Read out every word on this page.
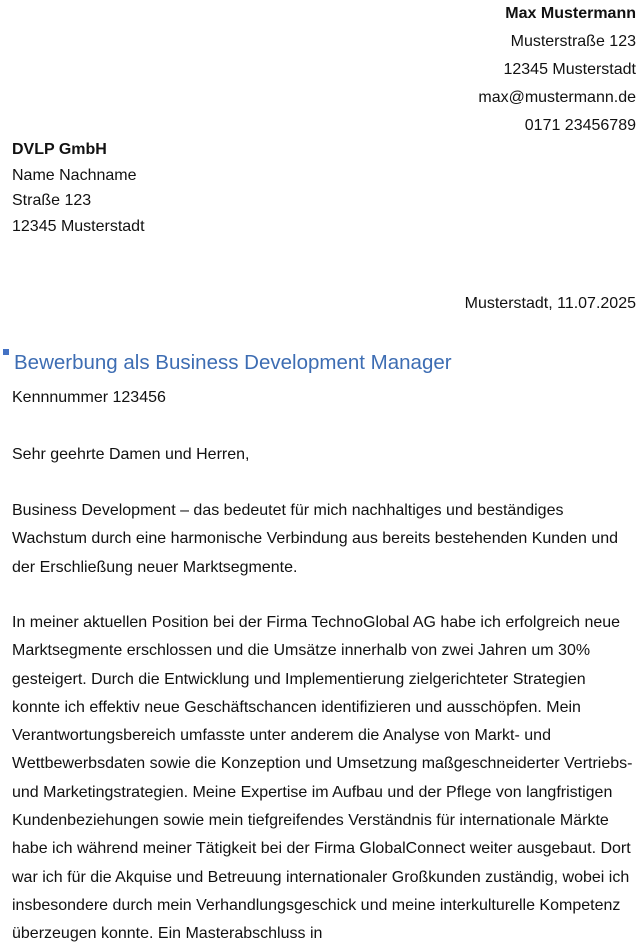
Max Mustermann
Musterstraße 123
12345 Musterstadt
max@mustermann.de
0171 23456789
DVLP GmbH
Name Nachname
Straße 123
12345 Musterstadt
Musterstadt, 11.07.2025
Bewerbung als Business Development Manager
Kennnummer 123456
Sehr geehrte Damen und Herren,

Business Development – das bedeutet für mich nachhaltiges und beständiges Wachstum durch eine harmonische Verbindung aus bereits bestehenden Kunden und der Erschließung neuer Marktsegmente.

In meiner aktuellen Position bei der Firma TechnoGlobal AG habe ich erfolgreich neue Marktsegmente erschlossen und die Umsätze innerhalb von zwei Jahren um 30% gesteigert. Durch die Entwicklung und Implementierung zielgerichteter Strategien konnte ich effektiv neue Geschäftschancen identifizieren und ausschöpfen. Mein Verantwortungsbereich umfasste unter anderem die Analyse von Markt- und Wettbewerbsdaten sowie die Konzeption und Umsetzung maßgeschneiderter Vertriebs- und Marketingstrategien. Meine Expertise im Aufbau und der Pflege von langfristigen Kundenbeziehungen sowie mein tiefgreifendes Verständnis für internationale Märkte habe ich während meiner Tätigkeit bei der Firma GlobalConnect weiter ausgebaut. Dort war ich für die Akquise und Betreuung internationaler Großkunden zuständig, wobei ich insbesondere durch mein Verhandlungsgeschick und meine interkulturelle Kompetenz überzeugen konnte. Ein Masterabschluss in
